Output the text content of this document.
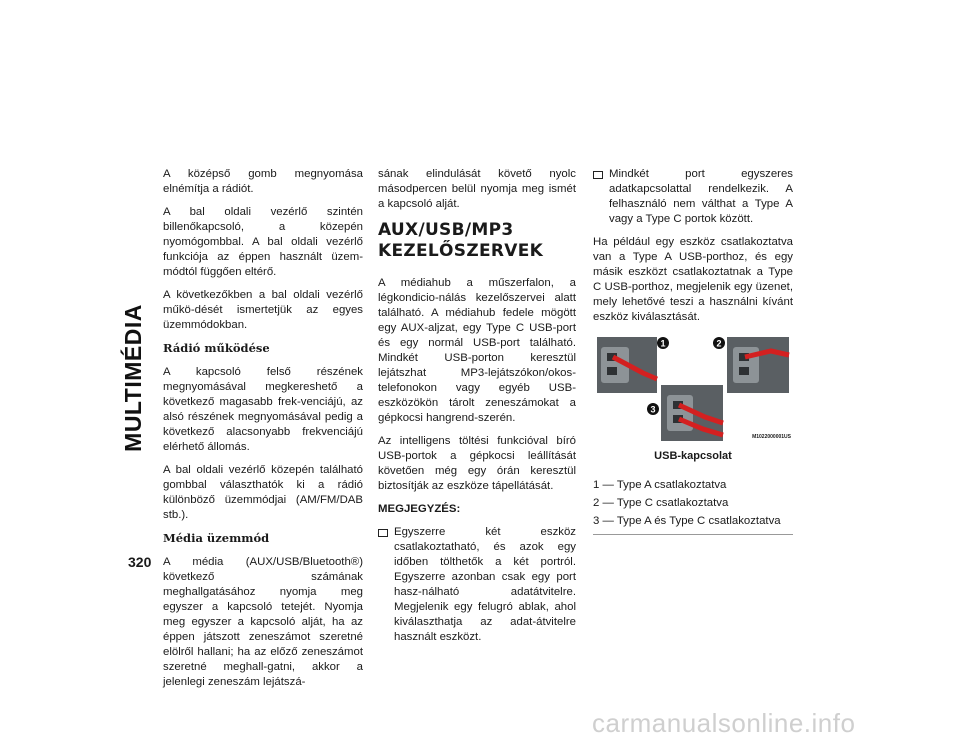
MULTIMÉDIA
320

A középső gomb megnyomása elnémítja a rádiót.

A bal oldali vezérlő szintén billenőkapcsoló, a közepén nyomógombbal. A bal oldali vezérlő funkciója az éppen használt üzem-módtól függően eltérő.

A következőkben a bal oldali vezérlő műkö-dését ismertetjük az egyes üzemmódokban.

Rádió működése

A kapcsoló felső részének megnyomásával megkereshető a következő magasabb frek-venciájú, az alsó részének megnyomásával pedig a következő alacsonyabb frekvenciájú elérhető állomás.

A bal oldali vezérlő közepén található gombbal választhatók ki a rádió különböző üzemmódjai (AM/FM/DAB stb.).

Média üzemmód

A média (AUX/USB/Bluetooth®) következő számának meghallgatásához nyomja meg egyszer a kapcsoló tetejét. Nyomja meg egyszer a kapcsoló alját, ha az éppen játszott zeneszámot szeretné elölről hallani; ha az előző zeneszámot szeretné meghall-gatni, akkor a jelenlegi zeneszám lejátszá-

sának elindulását követő nyolc másodpercen belül nyomja meg ismét a kapcsoló alját.

AUX/USB/MP3
KEZELŐSZERVEK

A médiahub a műszerfalon, a légkondicio-nálás kezelőszervei alatt található. A médiahub fedele mögött egy AUX-aljzat, egy Type C USB-port és egy normál USB-port található. Mindkét USB-porton keresztül lejátszhat MP3-lejátszókon/okos-telefonokon vagy egyéb USB-eszközökön tárolt zeneszámokat a gépkocsi hangrend-szerén.

Az intelligens töltési funkcióval bíró USB-portok a gépkocsi leállítását követően még egy órán keresztül biztosítják az eszköze tápellátását.

MEGJEGYZÉS:

Egyszerre két eszköz csatlakoztatható, és azok egy időben tölthetők a két portról. Egyszerre azonban csak egy port hasz-nálható adatátvitelre. Megjelenik egy felugró ablak, ahol kiválaszthatja az adat-átvitelre használt eszközt.
Mindkét port egyszeres adatkapcsolattal rendelkezik. A felhasználó nem válthat a Type A vagy a Type C portok között.

Ha például egy eszköz csatlakoztatva van a Type A USB-porthoz, és egy másik eszközt csatlakoztatnak a Type C USB-porthoz, megjelenik egy üzenet, mely lehetővé teszi a használni kívánt eszköz kiválasztását.

1	2
3
M1022000001US
USB-kapcsolat
1 — Type A csatlakoztatva
2 — Type C csatlakoztatva
3 — Type A és Type C csatlakoztatva
carmanualsonline.info
